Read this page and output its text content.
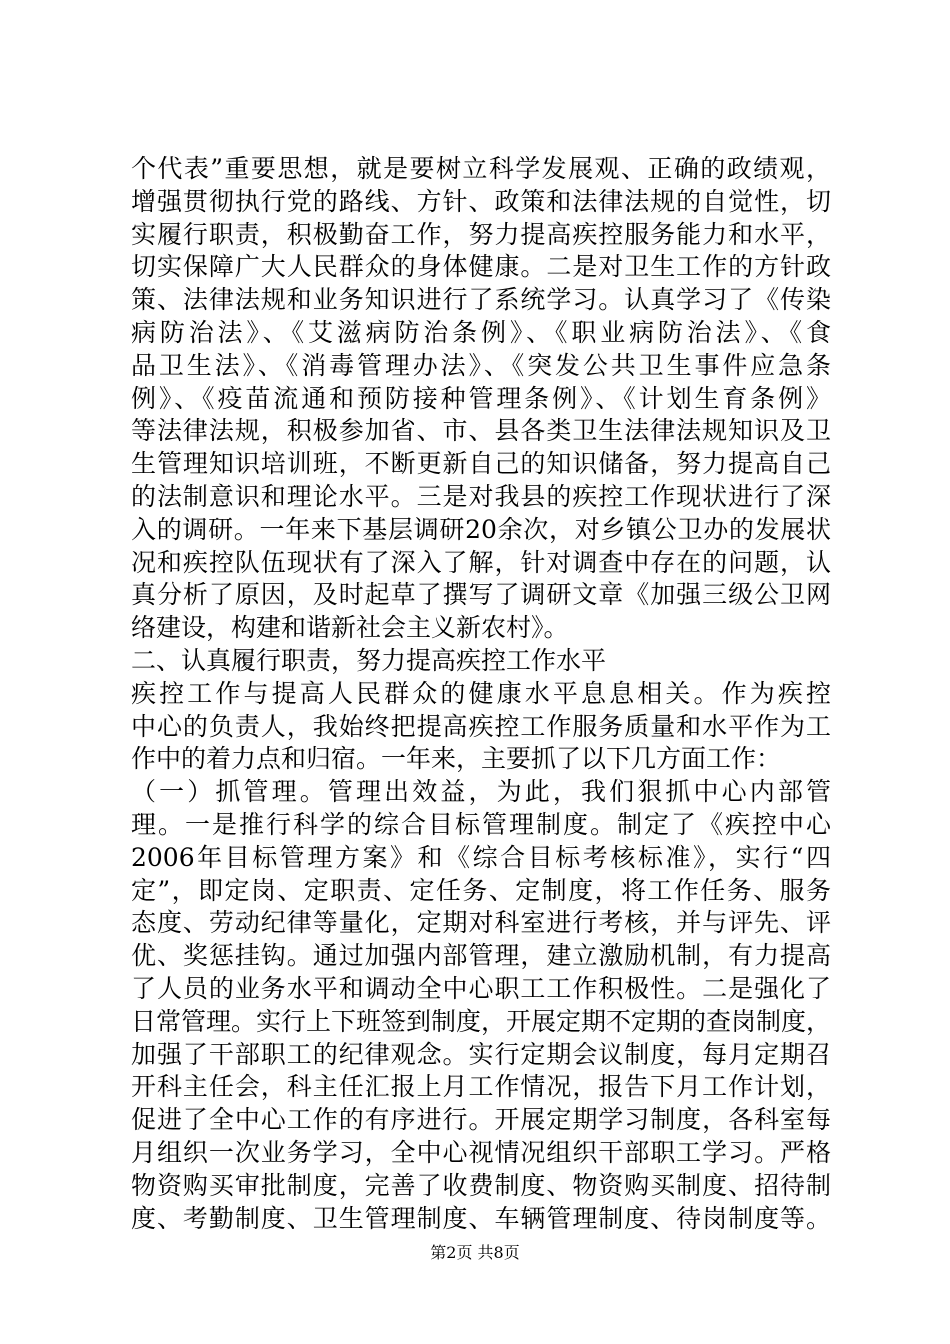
个代表”重要思想，就是要树立科学发展观、正确的政绩观，
增强贯彻执行党的路线、方针、政策和法律法规的自觉性，切
实履行职责，积极勤奋工作，努力提高疾控服务能力和水平，
切实保障广大人民群众的身体健康。二是对卫生工作的方针政
策、法律法规和业务知识进行了系统学习。认真学习了《传染
病防治法》、《艾滋病防治条例》、《职业病防治法》、《食
品卫生法》、《消毒管理办法》、《突发公共卫生事件应急条
例》、《疫苗流通和预防接种管理条例》、《计划生育条例》
等法律法规，积极参加省、市、县各类卫生法律法规知识及卫
生管理知识培训班，不断更新自己的知识储备，努力提高自己
的法制意识和理论水平。三是对我县的疾控工作现状进行了深
入的调研。一年来下基层调研20余次，对乡镇公卫办的发展状
况和疾控队伍现状有了深入了解，针对调查中存在的问题，认
真分析了原因，及时起草了撰写了调研文章《加强三级公卫网
络建设，构建和谐新社会主义新农村》。
二、认真履行职责，努力提高疾控工作水平
疾控工作与提高人民群众的健康水平息息相关。作为疾控
中心的负责人，我始终把提高疾控工作服务质量和水平作为工
作中的着力点和归宿。一年来，主要抓了以下几方面工作：
（一）抓管理。管理出效益，为此，我们狠抓中心内部管
理。一是推行科学的综合目标管理制度。制定了《疾控中心
2006年目标管理方案》和《综合目标考核标准》，实行“四
定”，即定岗、定职责、定任务、定制度，将工作任务、服务
态度、劳动纪律等量化，定期对科室进行考核，并与评先、评
优、奖惩挂钩。通过加强内部管理，建立激励机制，有力提高
了人员的业务水平和调动全中心职工工作积极性。二是强化了
日常管理。实行上下班签到制度，开展定期不定期的查岗制度，
加强了干部职工的纪律观念。实行定期会议制度，每月定期召
开科主任会，科主任汇报上月工作情况，报告下月工作计划，
促进了全中心工作的有序进行。开展定期学习制度，各科室每
月组织一次业务学习，全中心视情况组织干部职工学习。严格
物资购买审批制度，完善了收费制度、物资购买制度、招待制
度、考勤制度、卫生管理制度、车辆管理制度、待岗制度等。
第2页 共8页
